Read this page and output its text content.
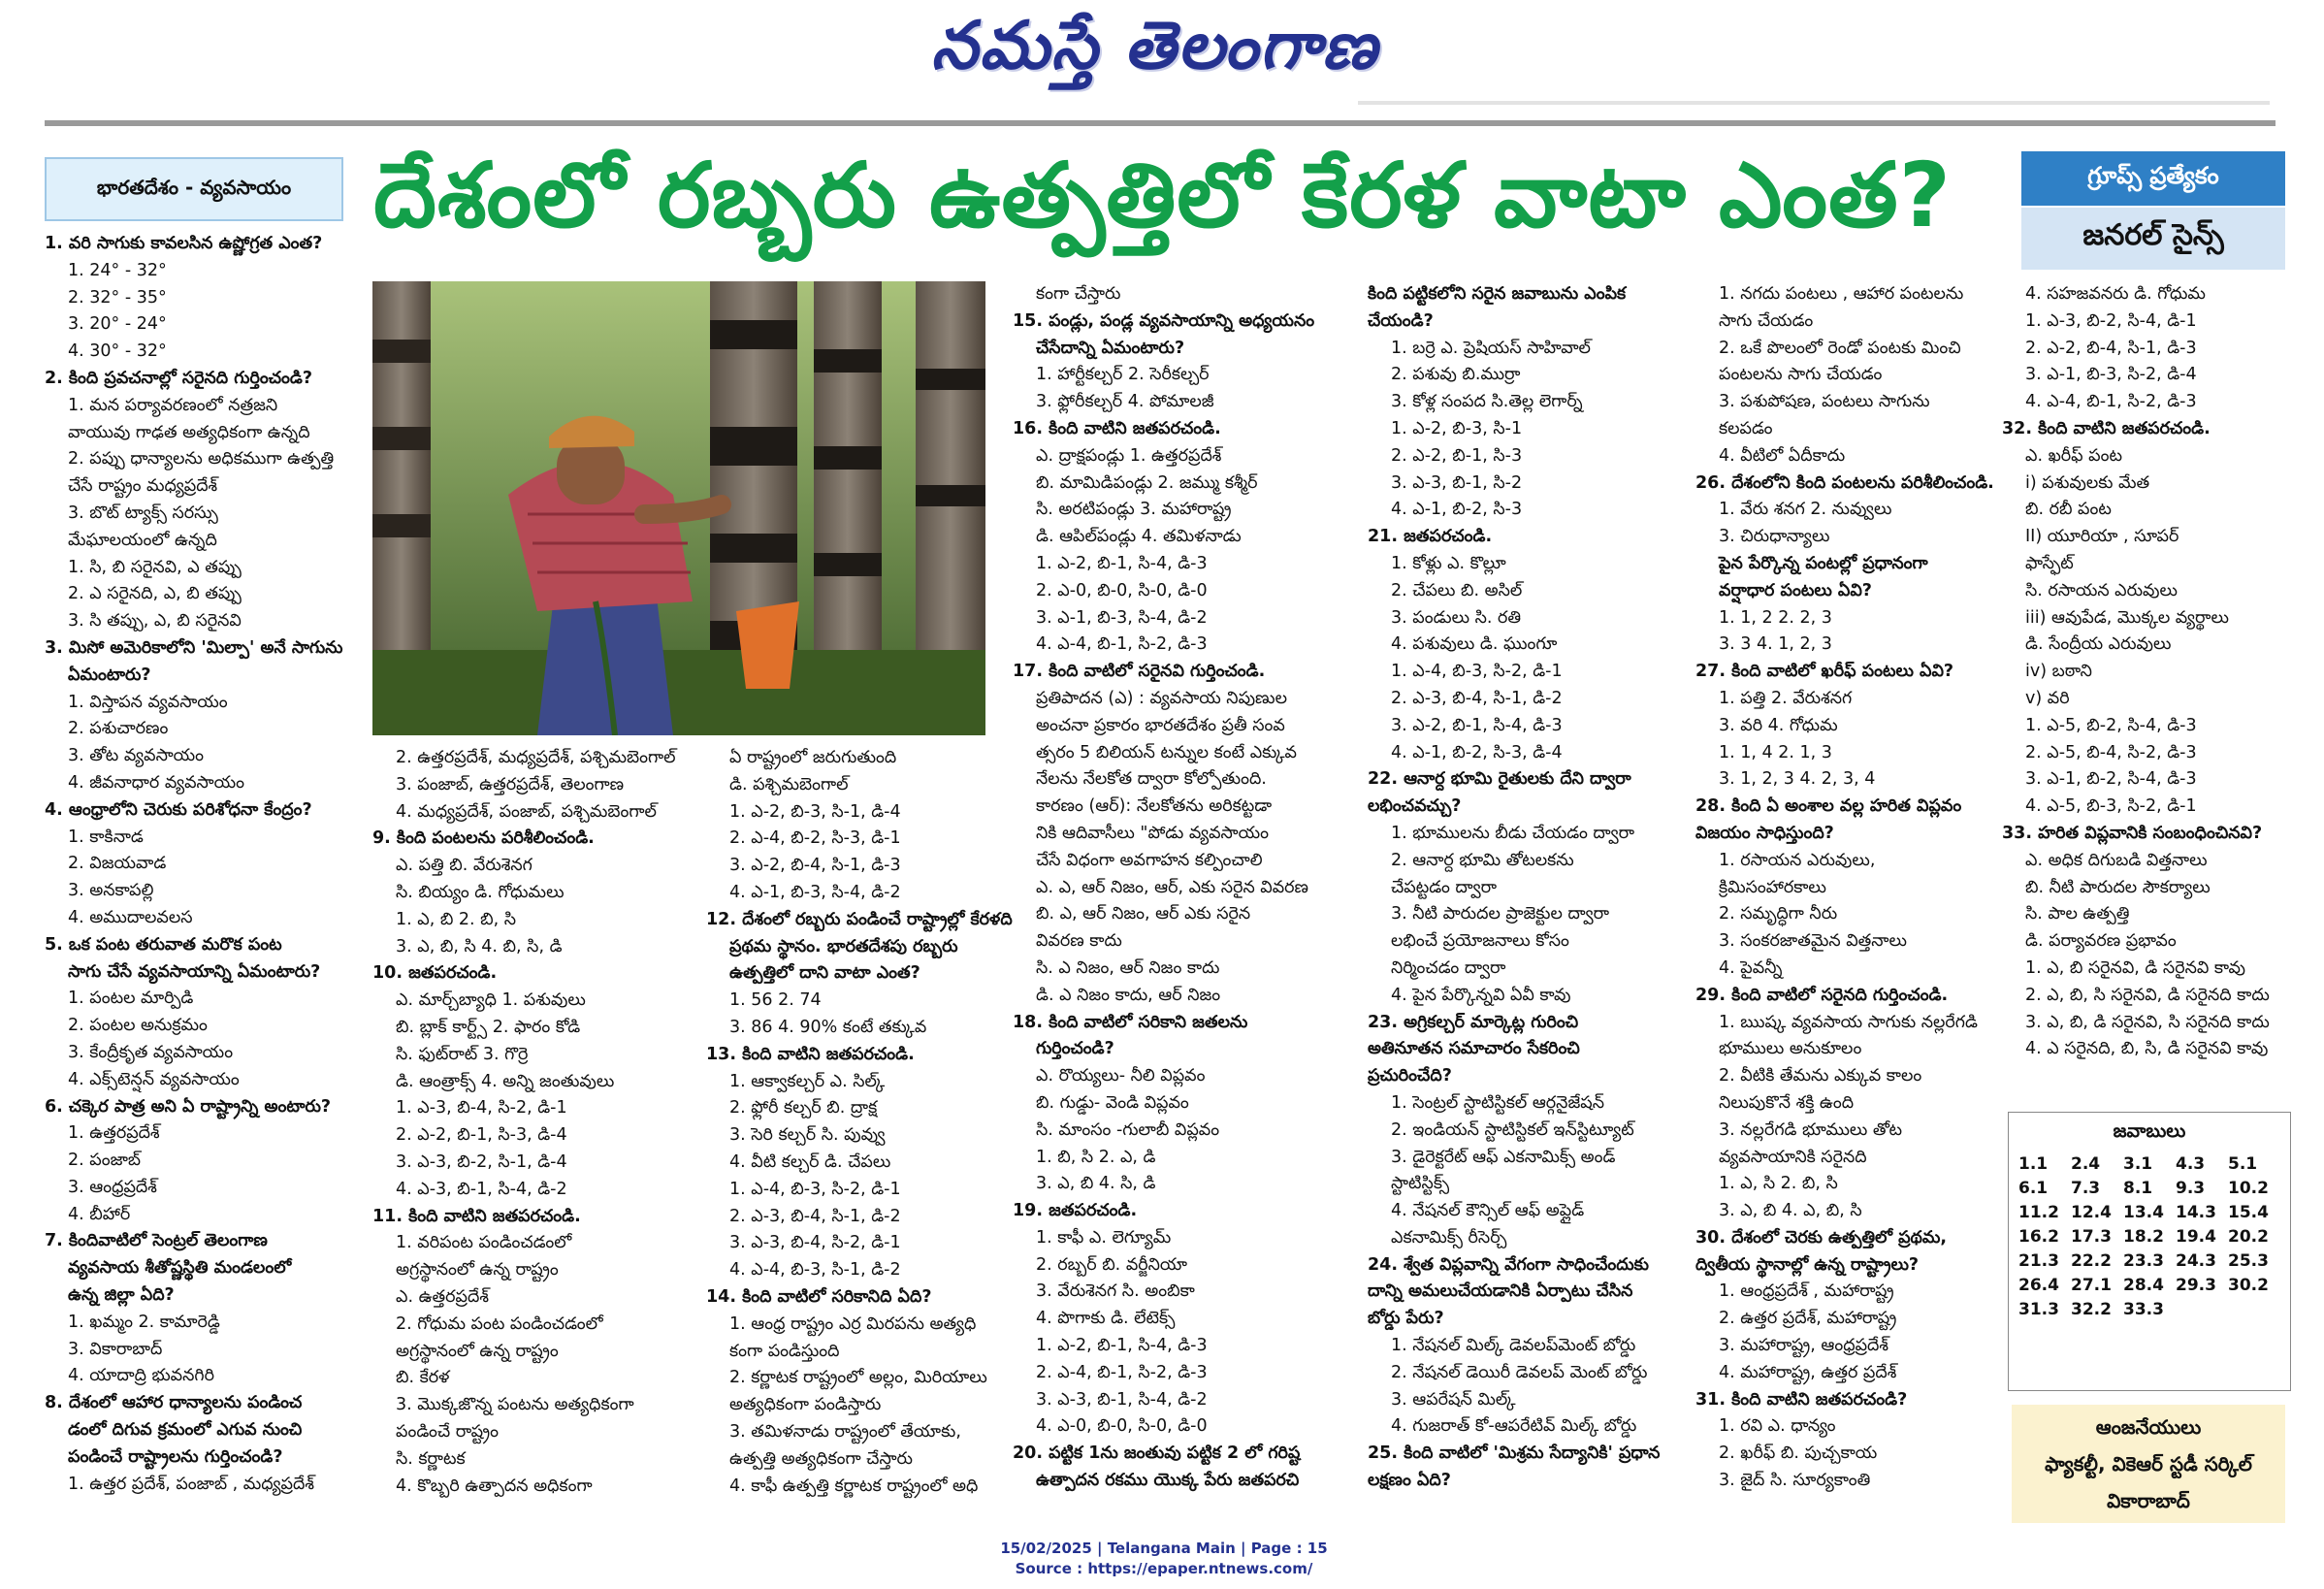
నమస్తే తెలంగాణ
భారతదేశం - వ్యవసాయం దేశంలో రబ్బరు ఉత్పత్తిలో కేరళ వాటా ఎంత?	గ్రూప్స్ ప్రత్యేకం
జనరల్ సైన్స్
1. వరి సాగుకు కావలసిన ఉష్ణోగ్రత ఎంత?
1. 24° - 32°
2. 32° - 35°
3. 20° - 24°
4. 30° - 32°
2. కింది ప్రవచనాల్లో సరైనది గుర్తించండి?
1. మన పర్యావరణంలో నత్రజని
వాయువు గాఢత అత్యధికంగా ఉన్నది
2. పప్పు ధాన్యాలను అధికముగా ఉత్పత్తి
చేసే రాష్ట్రం మధ్యప్రదేశ్
3. బొట్ ట్యాక్స్ సరస్సు
మేఘాలయంలో ఉన్నది
1. సి, బి సరైనవి, ఎ తప్పు
2. ఎ సరైనది, ఎ, బి తప్పు
3. సి తప్పు, ఎ, బి సరైనవి
3. మిసో అమెరికాలోని 'మిల్పా' అనే సాగును
ఏమంటారు?
1. విస్తాపన వ్యవసాయం
2. పశుచారణం
3. తోట వ్యవసాయం
4. జీవనాధార వ్యవసాయం
4. ఆంధ్రాలోని చెరుకు పరిశోధనా కేంద్రం?
1. కాకినాడ
2. విజయవాడ
3. అనకాపల్లి
4. అముదాలవలస
5. ఒక పంట తరువాత మరొక పంట
సాగు చేసే వ్యవసాయాన్ని ఏమంటారు?
1. పంటల మార్పిడి
2. పంటల అనుక్రమం
3. కేంద్రీకృత వ్యవసాయం
4. ఎక్స్‌టెన్షన్ వ్యవసాయం
6. చక్కెర పాత్ర అని ఏ రాష్ట్రాన్ని అంటారు?
1. ఉత్తరప్రదేశ్
2. పంజాబ్
3. ఆంధ్రప్రదేశ్
4. బీహార్
7. కిందివాటిలో సెంట్రల్ తెలంగాణ
వ్యవసాయ శీతోష్ణస్థితి మండలంలో
ఉన్న జిల్లా ఏది?
1. ఖమ్మం 2. కామారెడ్డి
3. వికారాబాద్
4. యాదాద్రి భువనగిరి
8. దేశంలో ఆహార ధాన్యాలను పండించ
డంలో దిగువ క్రమంలో ఎగువ నుంచి
పండించే రాష్ట్రాలను గుర్తించండి?
1. ఉత్తర ప్రదేశ్, పంజాబ్ , మధ్యప్రదేశ్
2. ఉత్తరప్రదేశ్, మధ్యప్రదేశ్, పశ్చిమబెంగాల్
3. పంజాబ్, ఉత్తరప్రదేశ్, తెలంగాణ
4. మధ్యప్రదేశ్, పంజాబ్, పశ్చిమబెంగాల్
9. కింది పంటలను పరిశీలించండి.
ఎ. పత్తి బి. వేరుశెనగ
సి. బియ్యం డి. గోధుమలు
1. ఎ, బి 2. బి, సి
3. ఎ, బి, సి 4. బి, సి, డి
10. జతపరచండి.
ఎ. మార్చ్‌బ్యాధి 1. పశువులు
బి. బ్లాక్ కార్ట్స్ 2. ఫారం కోడి
సి. ఫుట్‌రాట్ 3. గొర్రె
డి. ఆంత్రాక్స్ 4. అన్ని జంతువులు
1. ఎ-3, బి-4, సి-2, డి-1
2. ఎ-2, బి-1, సి-3, డి-4
3. ఎ-3, బి-2, సి-1, డి-4
4. ఎ-3, బి-1, సి-4, డి-2
11. కింది వాటిని జతపరచండి.
1. వరిపంట పండించడంలో
అగ్రస్థానంలో ఉన్న రాష్ట్రం
ఎ. ఉత్తరప్రదేశ్
2. గోధుమ పంట పండించడంలో
అగ్రస్థానంలో ఉన్న రాష్ట్రం
బి. కేరళ
3. మొక్కజొన్న పంటను అత్యధికంగా
పండించే రాష్ట్రం
సి. కర్ణాటక
4. కొబ్బరి ఉత్పాదన అధికంగా
ఏ రాష్ట్రంలో జరుగుతుంది
డి. పశ్చిమబెంగాల్
1. ఎ-2, బి-3, సి-1, డి-4
2. ఎ-4, బి-2, సి-3, డి-1
3. ఎ-2, బి-4, సి-1, డి-3
4. ఎ-1, బి-3, సి-4, డి-2
12. దేశంలో రబ్బరు పండించే రాష్ట్రాల్లో కేరళది
ప్రథమ స్థానం. భారతదేశపు రబ్బరు
ఉత్పత్తిలో దాని వాటా ఎంత?
1. 56 2. 74
3. 86 4. 90% కంటే తక్కువ
13. కింది వాటిని జతపరచండి.
1. ఆక్వాకల్చర్ ఎ. సిల్క్
2. ఫ్లోరీ కల్చర్ బి. ద్రాక్ష
3. సెరి కల్చర్ సి. పువ్వు
4. వీటి కల్చర్ డి. చేపలు
1. ఎ-4, బి-3, సి-2, డి-1
2. ఎ-3, బి-4, సి-1, డి-2
3. ఎ-3, బి-4, సి-2, డి-1
4. ఎ-4, బి-3, సి-1, డి-2
14. కింది వాటిలో సరికానిది ఏది?
1. ఆంధ్ర రాష్ట్రం ఎర్ర మిరపను అత్యధి
కంగా పండిస్తుంది
2. కర్ణాటక రాష్ట్రంలో అల్లం, మిరియాలు
అత్యధికంగా పండిస్తారు
3. తమిళనాడు రాష్ట్రంలో తేయాకు,
ఉత్పత్తి అత్యధికంగా చేస్తారు
4. కాఫీ ఉత్పత్తి కర్ణాటక రాష్ట్రంలో అధి
కంగా చేస్తారు
15. పండ్లు, పండ్ల వ్యవసాయాన్ని అధ్యయనం
చేసేదాన్ని ఏమంటారు?
1. హార్టీకల్చర్ 2. సెరీకల్చర్
3. ఫ్లోరీకల్చర్ 4. పోమాలజీ
16. కింది వాటిని జతపరచండి.
ఎ. ద్రాక్షపండ్లు 1. ఉత్తరప్రదేశ్
బి. మామిడిపండ్లు 2. జమ్ము కశ్మీర్
సి. అరటిపండ్లు 3. మహారాష్ట్ర
డి. ఆపిల్‌పండ్లు 4. తమిళనాడు
1. ఎ-2, బి-1, సి-4, డి-3
2. ఎ-0, బి-0, సి-0, డి-0
3. ఎ-1, బి-3, సి-4, డి-2
4. ఎ-4, బి-1, సి-2, డి-3
17. కింది వాటిలో సరైనవి గుర్తించండి.
ప్రతిపాదన (ఎ) : వ్యవసాయ నిపుణుల
అంచనా ప్రకారం భారతదేశం ప్రతీ సంవ
త్సరం 5 బిలియన్ టన్నుల కంటే ఎక్కువ
నేలను నేలకోత ద్వారా కోల్పోతుంది.
కారణం (ఆర్): నేలకోతను అరికట్టడా
నికి ఆదివాసీలు "పోడు వ్యవసాయం
చేసే విధంగా అవగాహన కల్పించాలి
ఎ. ఎ, ఆర్ నిజం, ఆర్, ఎకు సరైన వివరణ
బి. ఎ, ఆర్ నిజం, ఆర్ ఎకు సరైన
వివరణ కాదు
సి. ఎ నిజం, ఆర్ నిజం కాదు
డి. ఎ నిజం కాదు, ఆర్ నిజం
18. కింది వాటిలో సరికాని జతలను
గుర్తించండి?
ఎ. రొయ్యలు- నీలి విప్లవం
బి. గుడ్డు- వెండి విప్లవం
సి. మాంసం -గులాబీ విప్లవం
1. బి, సి 2. ఎ, డి
3. ఎ, బి 4. సి, డి
19. జతపరచండి.
1. కాఫీ ఎ. లెగ్యూమ్
2. రబ్బర్ బి. వర్జీనియా
3. వేరుశెనగ సి. అంబికా
4. పొగాకు డి. లేటెక్స్
1. ఎ-2, బి-1, సి-4, డి-3
2. ఎ-4, బి-1, సి-2, డి-3
3. ఎ-3, బి-1, సి-4, డి-2
4. ఎ-0, బి-0, సి-0, డి-0
20. పట్టిక 1ను జంతువు పట్టిక 2 లో గరిష్ట
ఉత్పాదన రకము యొక్క పేరు జతపరచి
కింది పట్టికలోని సరైన జవాబును ఎంపిక
చేయండి?
1. బర్రె ఎ. ప్రెషియస్ సాహివాల్
2. పశువు బి.ముర్రా
3. కోళ్ల సంపద సి.తెల్ల లెగార్న్
1. ఎ-2, బి-3, సి-1
2. ఎ-2, బి-1, సి-3
3. ఎ-3, బి-1, సి-2
4. ఎ-1, బి-2, సి-3
21. జతపరచండి.
1. కోళ్లు ఎ. కొల్లూ
2. చేపలు బి. అసిల్
3. పండులు సి. రతి
4. పశువులు డి. ఘుంగూ
1. ఎ-4, బి-3, సి-2, డి-1
2. ఎ-3, బి-4, సి-1, డి-2
3. ఎ-2, బి-1, సి-4, డి-3
4. ఎ-1, బి-2, సి-3, డి-4
22. ఆనార్ద భూమి రైతులకు దేని ద్వారా
లభించవచ్చు?
1. భూములను బీడు చేయడం ద్వారా
2. ఆనార్ద భూమి తోటలకను
చేపట్టడం ద్వారా
3. నీటి పారుదల ప్రాజెక్టుల ద్వారా
లభించే ప్రయోజనాలు కోసం
నిర్మించడం ద్వారా
4. పైన పేర్కొన్నవి ఏవీ కావు
23. అగ్రికల్చర్ మార్కెట్ల గురించి
అతినూతన సమాచారం సేకరించి
ప్రచురించేది?
1. సెంట్రల్ స్టాటిస్టికల్ ఆర్గనైజేషన్
2. ఇండియన్ స్టాటిస్టికల్ ఇన్‌స్టిట్యూట్
3. డైరెక్టరేట్ ఆఫ్ ఎకనామిక్స్ అండ్
స్టాటిస్టిక్స్
4. నేషనల్ కౌన్సిల్ ఆఫ్ అప్లైడ్
ఎకనామిక్స్ రీసెర్చ్
24. శ్వేత విప్లవాన్ని వేగంగా సాధించేందుకు
దాన్ని అమలుచేయడానికి ఏర్పాటు చేసిన
బోర్డు పేరు?
1. నేషనల్ మిల్క్ డెవలప్‌మెంట్ బోర్డు
2. నేషనల్ డెయిరీ డెవలప్ మెంట్ బోర్డు
3. ఆపరేషన్ మిల్క్
4. గుజరాత్ కో-ఆపరేటివ్ మిల్క్ బోర్డు
25. కింది వాటిలో 'మిశ్రమ సేద్యానికి' ప్రధాన
లక్షణం ఏది?
1. నగదు పంటలు , ఆహార పంటలను
సాగు చేయడం
2. ఒకే పొలంలో రెండో పంటకు మించి
పంటలను సాగు చేయడం
3. పశుపోషణ, పంటలు సాగును
కలపడం
4. వీటిలో ఏదీకాదు
26. దేశంలోని కింది పంటలను పరిశీలించండి.
1. వేరు శనగ 2. నువ్వులు
3. చిరుధాన్యాలు
పైన పేర్కొన్న పంటల్లో ప్రధానంగా
వర్షాధార పంటలు ఏవి?
1. 1, 2 2. 2, 3
3. 3 4. 1, 2, 3
27. కింది వాటిలో ఖరీఫ్ పంటలు ఏవి?
1. పత్తి 2. వేరుశనగ
3. వరి 4. గోధుమ
1. 1, 4 2. 1, 3
3. 1, 2, 3 4. 2, 3, 4
28. కింది ఏ అంశాల వల్ల హరిత విప్లవం
విజయం సాధిస్తుంది?
1. రసాయన ఎరువులు,
క్రిమిసంహారకాలు
2. సమృద్ధిగా నీరు
3. సంకరజాతమైన విత్తనాలు
4. పైవన్నీ
29. కింది వాటిలో సరైనది గుర్తించండి.
1. ఋష్క వ్యవసాయ సాగుకు నల్లరేగడి
భూములు అనుకూలం
2. వీటికి తేమను ఎక్కువ కాలం
నిలుపుకొనే శక్తి ఉంది
3. నల్లరేగడి భూములు తోట
వ్యవసాయానికి సరైనది
1. ఎ, సి 2. బి, సి
3. ఎ, బి 4. ఎ, బి, సి
30. దేశంలో చెరకు ఉత్పత్తిలో ప్రథమ,
ద్వితీయ స్థానాల్లో ఉన్న రాష్ట్రాలు?
1. ఆంధ్రప్రదేశ్ , మహారాష్ట్ర
2. ఉత్తర ప్రదేశ్, మహారాష్ట్ర
3. మహారాష్ట్ర, ఆంధ్రప్రదేశ్
4. మహారాష్ట్ర, ఉత్తర ప్రదేశ్
31. కింది వాటిని జతపరచండి?
1. రవి ఎ. ధాన్యం
2. ఖరీఫ్ బి. పుచ్చకాయ
3. జైద్ సి. సూర్యకాంతి
4. సహజవనరు డి. గోధుమ
1. ఎ-3, బి-2, సి-4, డి-1
2. ఎ-2, బి-4, సి-1, డి-3
3. ఎ-1, బి-3, సి-2, డి-4
4. ఎ-4, బి-1, సి-2, డి-3
32. కింది వాటిని జతపరచండి.
ఎ. ఖరీఫ్ పంట
i) పశువులకు మేత
బి. రబీ పంట
II) యూరియా , సూపర్
ఫాస్ఫేట్
సి. రసాయన ఎరువులు
iii) ఆవుపేడ, మొక్కల వ్యర్థాలు
డి. సేంద్రీయ ఎరువులు
iv) బఠాని
v) వరి
1. ఎ-5, బి-2, సి-4, డి-3
2. ఎ-5, బి-4, సి-2, డి-3
3. ఎ-1, బి-2, సి-4, డి-3
4. ఎ-5, బి-3, సి-2, డి-1
33. హరిత విప్లవానికి సంబంధించినవి?
ఎ. అధిక దిగుబడి విత్తనాలు
బి. నీటి పారుదల సౌకర్యాలు
సి. పాల ఉత్పత్తి
డి. పర్యావరణ ప్రభావం
1. ఎ, బి సరైనవి, డి సరైనవి కావు
2. ఎ, బి, సి సరైనవి, డి సరైనది కాదు
3. ఎ, బి, డి సరైనవి, సి సరైనది కాదు
4. ఎ సరైనది, బి, సి, డి సరైనవి కావు
జవాబులు
1.1	2.4	3.1	4.3	5.1
6.1	7.3	8.1	9.3	10.2
11.2 12.4 13.4 14.3 15.4
16.2 17.3 18.2 19.4 20.2
21.3 22.2 23.3 24.3 25.3
26.4 27.1 28.4 29.3 30.2
31.3 32.2 33.3
ఆంజనేయులు
ఫ్యాకల్టీ, వికెఆర్ స్టడీ సర్కిల్
వికారాబాద్
15/02/2025 | Telangana Main | Page : 15
Source : https://epaper.ntnews.com/
